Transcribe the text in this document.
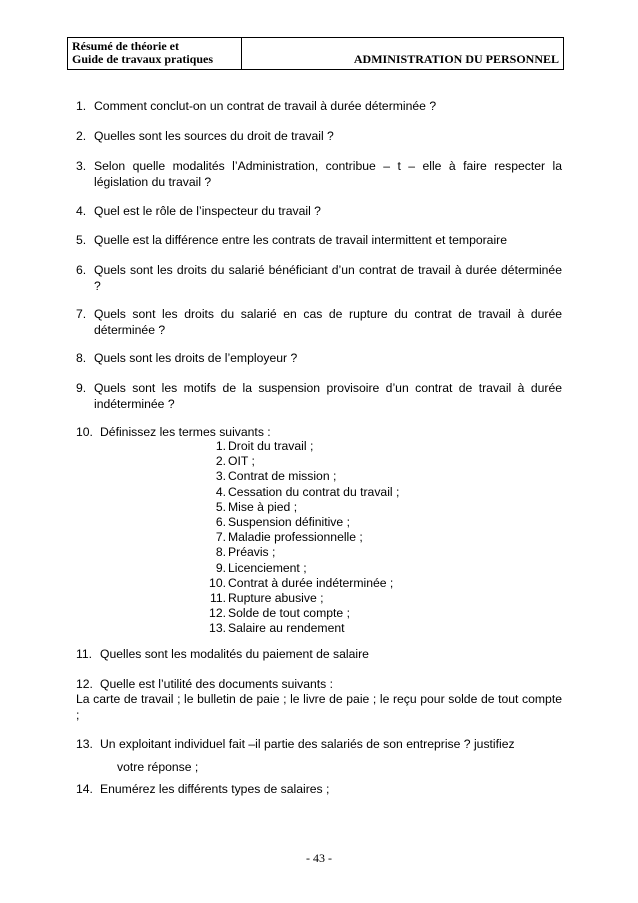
Résumé de théorie et
Guide de travaux pratiques	ADMINISTRATION DU PERSONNEL
1. Comment conclut-on un contrat de travail à durée déterminée ?
2. Quelles sont les sources du droit de travail ?
3. Selon quelle modalités l’Administration, contribue – t – elle à faire respecter la législation du travail ?
4. Quel est le rôle de l’inspecteur du travail ?
5. Quelle est la différence entre les contrats de travail intermittent et temporaire
6. Quels sont les droits du salarié bénéficiant d’un contrat de travail à durée déterminée ?
7. Quels sont les droits du salarié en cas de rupture du contrat de travail à durée déterminée ?
8. Quels sont les droits de l’employeur ?
9. Quels sont les motifs de la suspension provisoire d’un contrat de travail à durée indéterminée ?
10. Définissez les termes suivants :
1. Droit du travail ;
2. OIT ;
3. Contrat de mission ;
4. Cessation du contrat du travail ;
5. Mise à pied ;
6. Suspension définitive ;
7. Maladie professionnelle ;
8. Préavis ;
9. Licenciement ;
10. Contrat à durée indéterminée ;
11. Rupture abusive ;
12. Solde de tout compte ;
13. Salaire au rendement
11. Quelles sont les modalités du paiement de salaire
12. Quelle est l’utilité des documents suivants :
La carte de travail ; le bulletin de paie ; le livre de paie ; le reçu pour solde de tout compte ;
13. Un exploitant individuel fait –il partie des salariés de son entreprise ? justifiez
votre réponse ;
14. Enumérez les différents types de salaires ;
- 43 -
